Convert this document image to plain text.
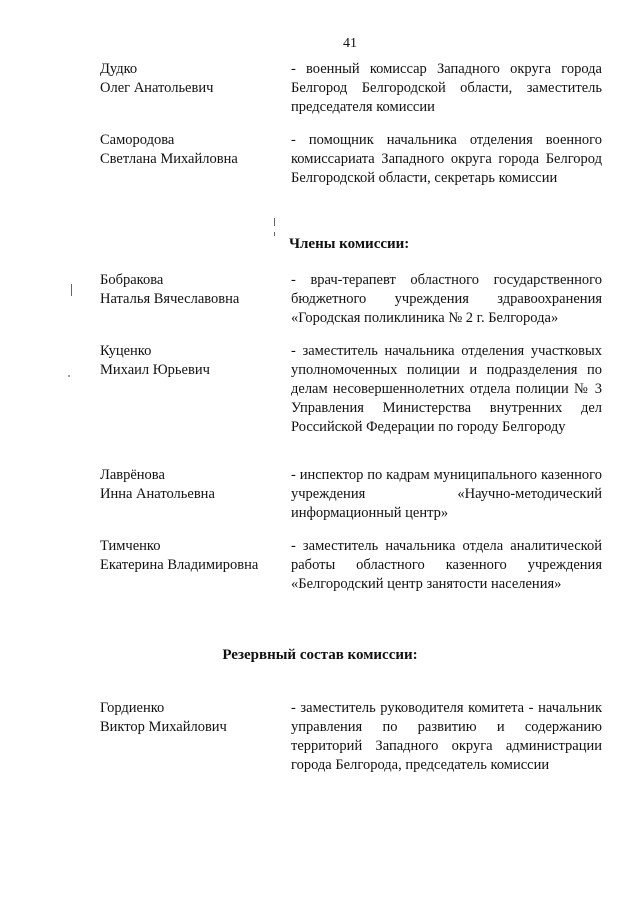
41
Дудко
Олег Анатольевич
- военный комиссар Западного округа города Белгород Белгородской области, заместитель председателя комиссии
Самородова
Светлана Михайловна
- помощник начальника отделения военного комиссариата Западного округа города Белгород Белгородской области, секретарь комиссии
Члены комиссии:
Бобракова
Наталья Вячеславовна
- врач-терапевт областного государственного бюджетного учреждения здравоохранения «Городская поликлиника № 2 г. Белгорода»
Куценко
Михаил Юрьевич
- заместитель начальника отделения участковых уполномоченных полиции и подразделения по делам несовершеннолетних отдела полиции № 3 Управления Министерства внутренних дел Российской Федерации по городу Белгороду
Лаврёнова
Инна Анатольевна
- инспектор по кадрам муниципального казенного учреждения «Научно-методический информационный центр»
Тимченко
Екатерина Владимировна
- заместитель начальника отдела аналитической работы областного казенного учреждения «Белгородский центр занятости населения»
Резервный состав комиссии:
Гордиенко
Виктор Михайлович
- заместитель руководителя комитета - начальник управления по развитию и содержанию территорий Западного округа администрации города Белгорода, председатель комиссии
